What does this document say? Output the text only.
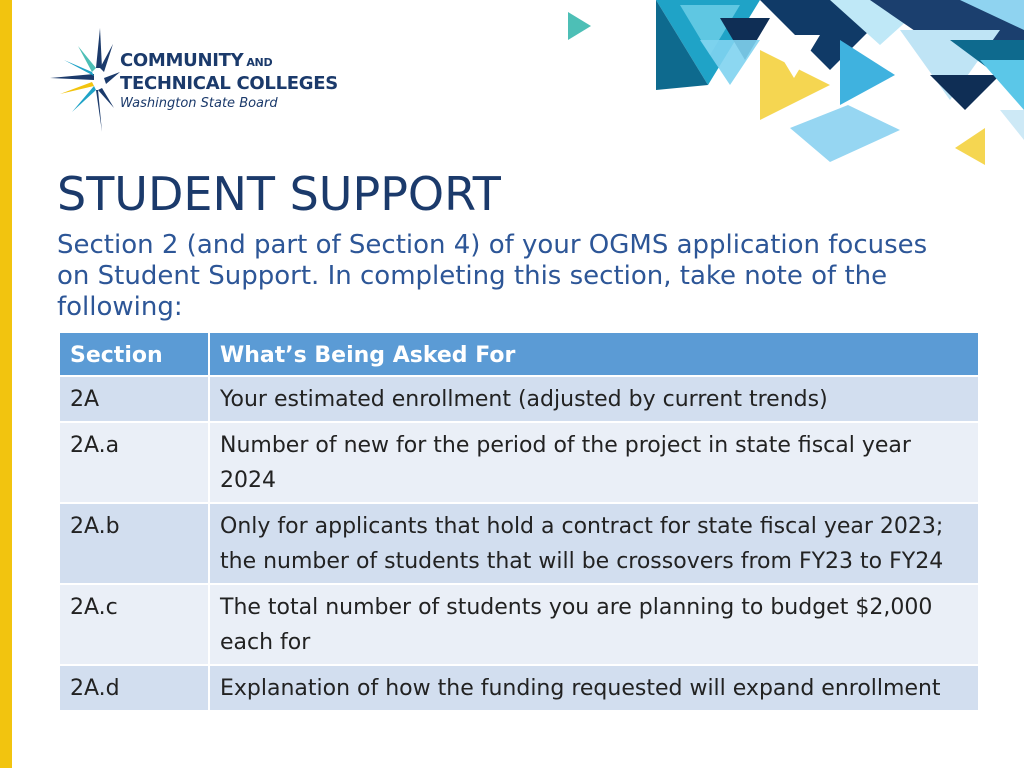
COMMUNITY AND
TECHNICAL COLLEGES
Washington State Board
STUDENT SUPPORT

Section 2 (and part of Section 4) of your OGMS application focuses on Student Support. In completing this section, take note of the following:

Section	What’s Being Asked For
2A	Your estimated enrollment (adjusted by current trends)
2A.a	Number of new for the period of the project in state fiscal year 2024
2A.b	Only for applicants that hold a contract for state fiscal year 2023; the number of students that will be crossovers from FY23 to FY24
2A.c	The total number of students you are planning to budget $2,000 each for
2A.d	Explanation of how the funding requested will expand enrollment
